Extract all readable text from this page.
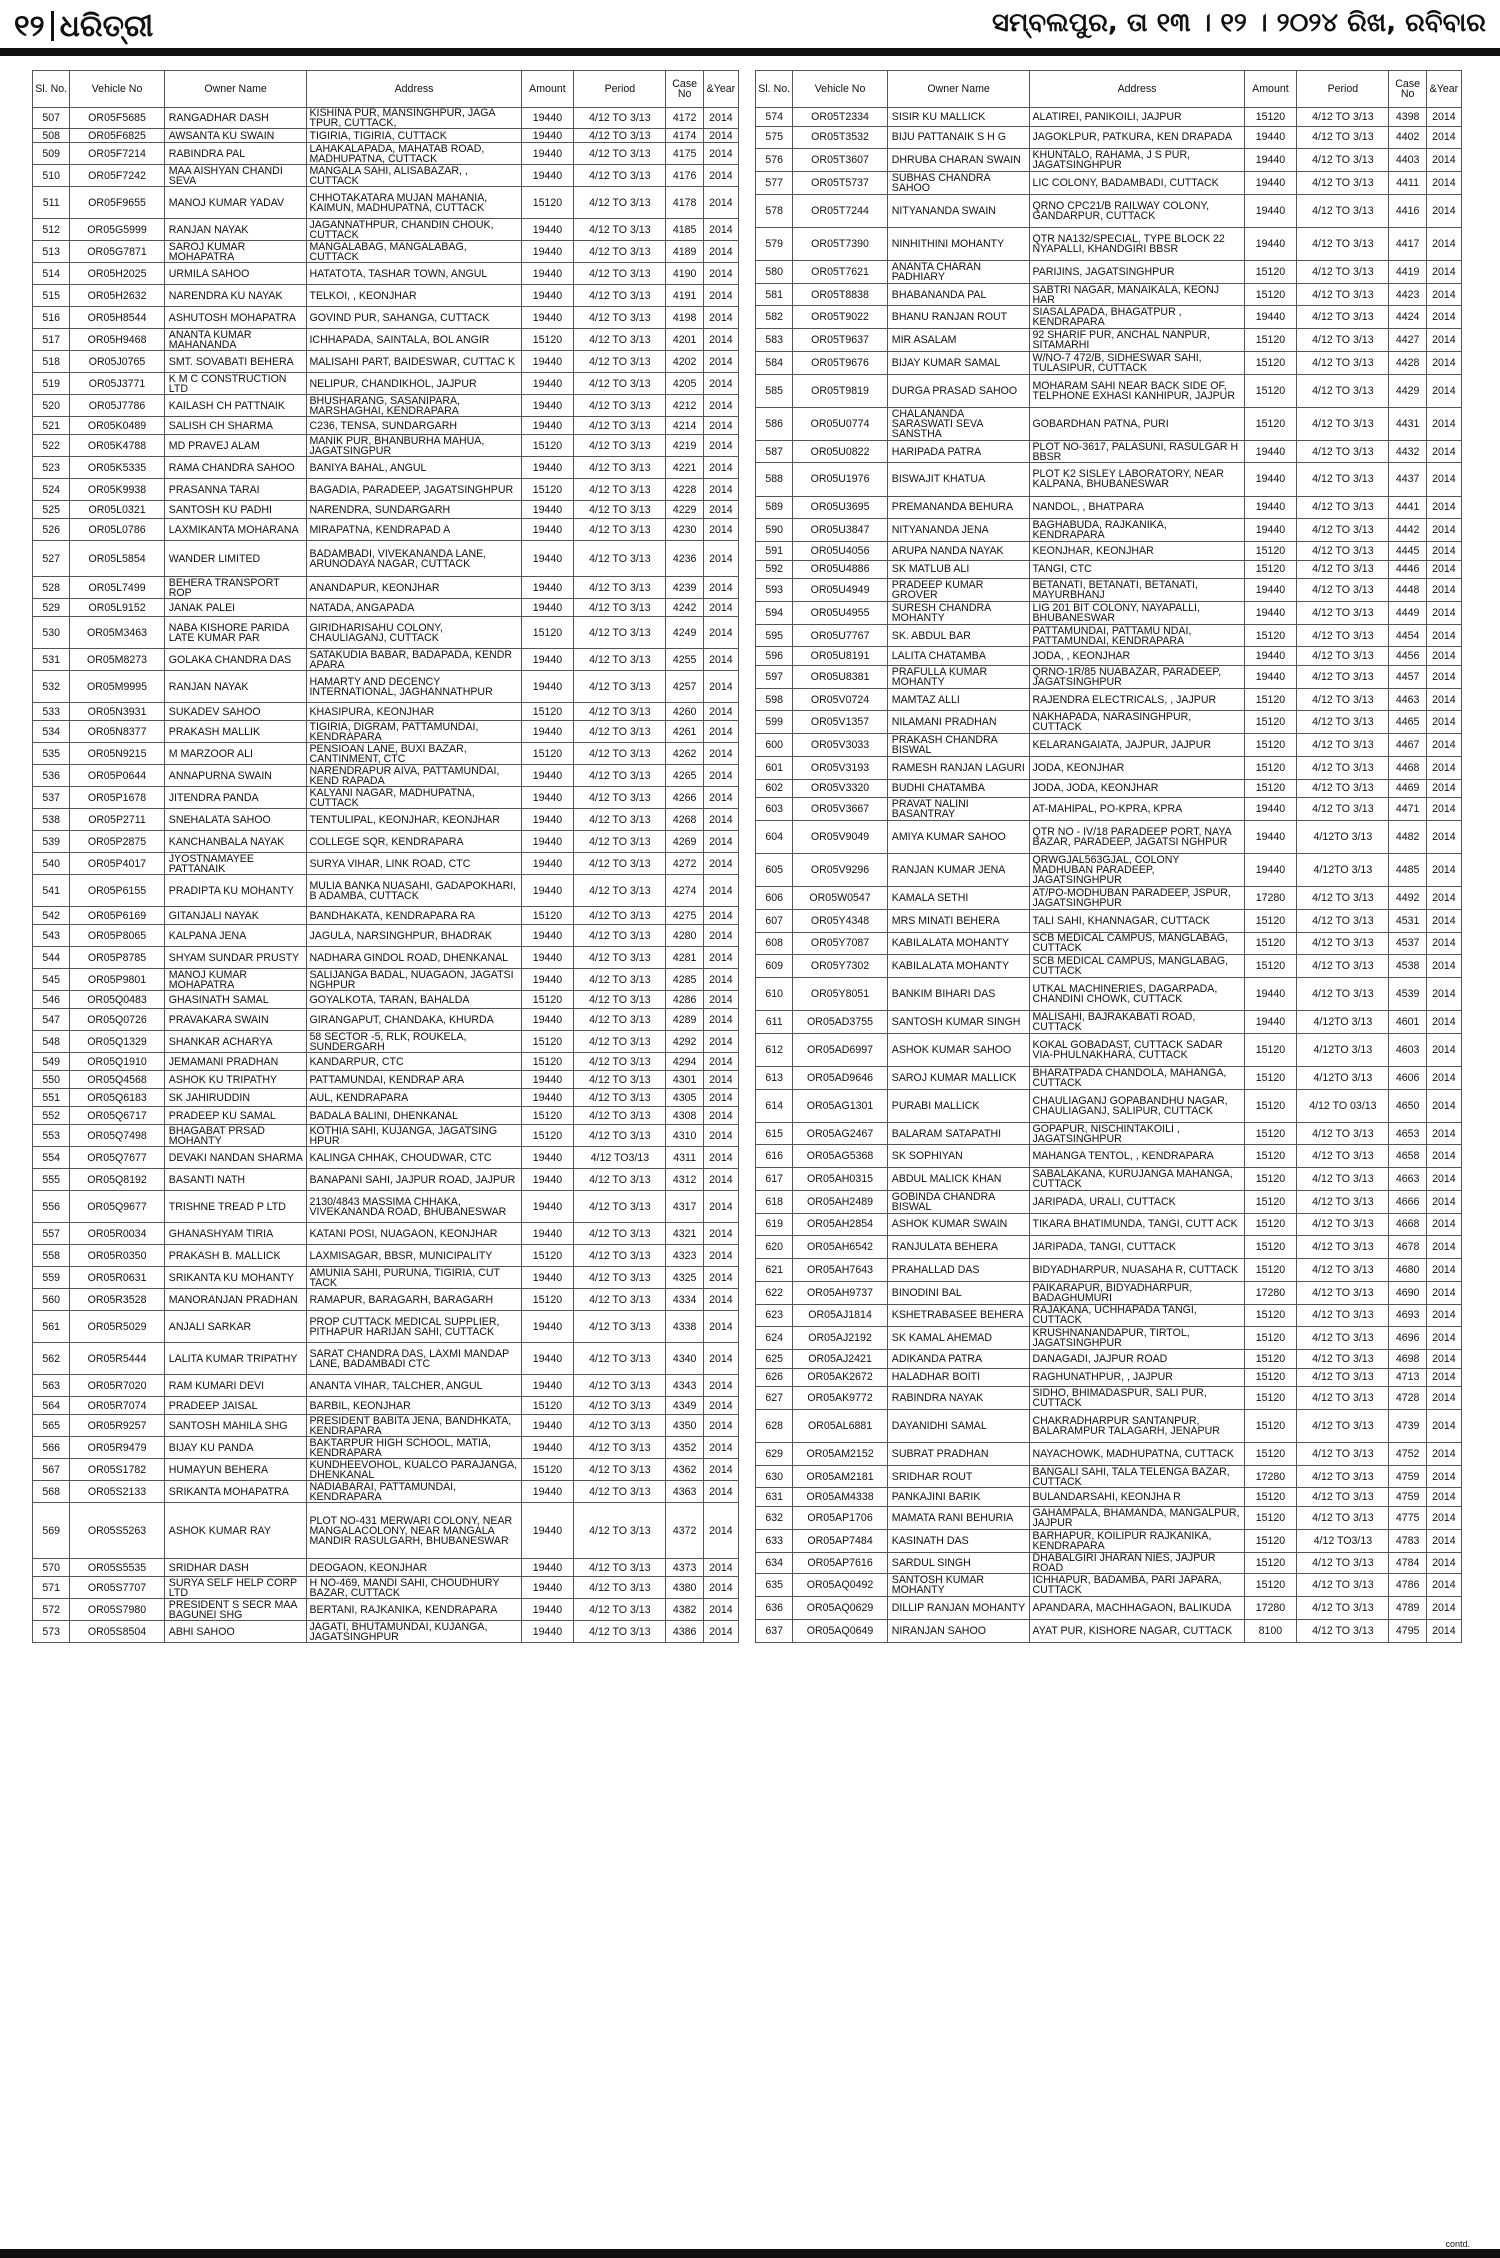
୧୨ ଧରିତ୍ରୀ	ସମ୍ବଲପୁର, ତା ୧୩ । ୧୨ । ୨୦୨୪ ରିଖ, ରବିବାର
Sl. No.	Vehicle No	Owner Name	Address	Amount	Period	Case No	&Year
507	OR05F5685	RANGADHAR DASH	KISHINA PUR, MANSINGHPUR, JAGA TPUR, CUTTACK,	19440	4/12 TO 3/13	4172	2014
508	OR05F6825	AWSANTA KU SWAIN	TIGIRIA, TIGIRIA, CUTTACK	19440	4/12 TO 3/13	4174	2014
509	OR05F7214	RABINDRA PAL	LAHAKALAPADA, MAHATAB ROAD, MADHUPATNA, CUTTACK	19440	4/12 TO 3/13	4175	2014
510	OR05F7242	MAA AISHYAN CHANDI SEVA	MANGALA SAHI, ALISABAZAR, , CUTTACK	19440	4/12 TO 3/13	4176	2014
511	OR05F9655	MANOJ KUMAR YADAV	CHHOTAKATARA MUJAN MAHANIA, KAIMUN, MADHUPATNA, CUTTACK	15120	4/12 TO 3/13	4178	2014
512	OR05G5999	RANJAN NAYAK	JAGANNATHPUR, CHANDIN CHOUK, CUTTACK	19440	4/12 TO 3/13	4185	2014
513	OR05G7871	SAROJ KUMAR MOHAPATRA	MANGALABAG, MANGALABAG, CUTTACK	19440	4/12 TO 3/13	4189	2014
514	OR05H2025	URMILA SAHOO	HATATOTA, TASHAR TOWN, ANGUL	19440	4/12 TO 3/13	4190	2014
515	OR05H2632	NARENDRA KU NAYAK	TELKOI, , KEONJHAR	19440	4/12 TO 3/13	4191	2014
516	OR05H8544	ASHUTOSH MOHAPATRA	GOVIND PUR, SAHANGA, CUTTACK	19440	4/12 TO 3/13	4198	2014
517	OR05H9468	ANANTA KUMAR MAHANANDA	ICHHAPADA, SAINTALA, BOL ANGIR	15120	4/12 TO 3/13	4201	2014
518	OR05J0765	SMT. SOVABATI BEHERA	MALISAHI PART, BAIDESWAR, CUTTAC K	19440	4/12 TO 3/13	4202	2014
519	OR05J3771	K M C CONSTRUCTION LTD	NELIPUR, CHANDIKHOL, JAJPUR	19440	4/12 TO 3/13	4205	2014
520	OR05J7786	KAILASH CH PATTNAIK	BHUSHARANG, SASANIPARA, MARSHAGHAI, KENDRAPARA	19440	4/12 TO 3/13	4212	2014
521	OR05K0489	SALISH CH SHARMA	C236, TENSA, SUNDARGARH	19440	4/12 TO 3/13	4214	2014
522	OR05K4788	MD PRAVEJ ALAM	MANIK PUR, BHANBURHA MAHUA, JAGATSINGPUR	15120	4/12 TO 3/13	4219	2014
523	OR05K5335	RAMA CHANDRA SAHOO	BANIYA BAHAL, ANGUL	19440	4/12 TO 3/13	4221	2014
524	OR05K9938	PRASANNA TARAI	BAGADIA, PARADEEP, JAGATSINGHPUR	15120	4/12 TO 3/13	4228	2014
525	OR05L0321	SANTOSH KU PADHI	NARENDRA, SUNDARGARH	19440	4/12 TO 3/13	4229	2014
526	OR05L0786	LAXMIKANTA MOHARANA	MIRAPATNA, KENDRAPAD A	19440	4/12 TO 3/13	4230	2014
527	OR05L5854	WANDER LIMITED	BADAMBADI, VIVEKANANDA LANE, ARUNODAYA NAGAR, CUTTACK	19440	4/12 TO 3/13	4236	2014
528	OR05L7499	BEHERA TRANSPORT ROP	ANANDAPUR, KEONJHAR	19440	4/12 TO 3/13	4239	2014
529	OR05L9152	JANAK PALEI	NATADA, ANGAPADA	19440	4/12 TO 3/13	4242	2014
530	OR05M3463	NABA KISHORE PARIDA LATE KUMAR PAR	GIRIDHARISAHU COLONY, CHAULIAGANJ, CUTTACK	15120	4/12 TO 3/13	4249	2014
531	OR05M8273	GOLAKA CHANDRA DAS	SATAKUDIA BABAR, BADAPADA, KENDR APARA	19440	4/12 TO 3/13	4255	2014
532	OR05M9995	RANJAN NAYAK	HAMARTY AND DECENCY INTERNATIONAL, JAGHANNATHPUR	19440	4/12 TO 3/13	4257	2014
533	OR05N3931	SUKADEV SAHOO	KHASIPURA, KEONJHAR	15120	4/12 TO 3/13	4260	2014
534	OR05N8377	PRAKASH MALLIK	TIGIRIA, DIGRAM, PATTAMUNDAI, KENDRAPARA	19440	4/12 TO 3/13	4261	2014
535	OR05N9215	M MARZOOR ALI	PENSIOAN LANE, BUXI BAZAR, CANTINMENT, CTC	15120	4/12 TO 3/13	4262	2014
536	OR05P0644	ANNAPURNA SWAIN	NARENDRAPUR AIVA, PATTAMUNDAI, KEND RAPADA	19440	4/12 TO 3/13	4265	2014
537	OR05P1678	JITENDRA PANDA	KALYANI NAGAR, MADHUPATNA, CUTTACK	19440	4/12 TO 3/13	4266	2014
538	OR05P2711	SNEHALATA SAHOO	TENTULIPAL, KEONJHAR, KEONJHAR	19440	4/12 TO 3/13	4268	2014
539	OR05P2875	KANCHANBALA NAYAK	COLLEGE SQR, KENDRAPARA	19440	4/12 TO 3/13	4269	2014
540	OR05P4017	JYOSTNAMAYEE PATTANAIK	SURYA VIHAR, LINK ROAD, CTC	19440	4/12 TO 3/13	4272	2014
541	OR05P6155	PRADIPTA KU MOHANTY	MULIA BANKA NUASAHI, GADAPOKHARI, B ADAMBA, CUTTACK	19440	4/12 TO 3/13	4274	2014
542	OR05P6169	GITANJALI NAYAK	BANDHAKATA, KENDRAPARA RA	15120	4/12 TO 3/13	4275	2014
543	OR05P8065	KALPANA JENA	JAGULA, NARSINGHPUR, BHADRAK	19440	4/12 TO 3/13	4280	2014
544	OR05P8785	SHYAM SUNDAR PRUSTY	NADHARA GINDOL ROAD, DHENKANAL	19440	4/12 TO 3/13	4281	2014
545	OR05P9801	MANOJ KUMAR MOHAPATRA	SALIJANGA BADAL, NUAGAON, JAGATSI NGHPUR	19440	4/12 TO 3/13	4285	2014
546	OR05Q0483	GHASINATH SAMAL	GOYALKOTA, TARAN, BAHALDA	15120	4/12 TO 3/13	4286	2014
547	OR05Q0726	PRAVAKARA SWAIN	GIRANGAPUT, CHANDAKA, KHURDA	19440	4/12 TO 3/13	4289	2014
548	OR05Q1329	SHANKAR ACHARYA	58 SECTOR -5, RLK, ROUKELA, SUNDERGARH	15120	4/12 TO 3/13	4292	2014
549	OR05Q1910	JEMAMANI PRADHAN	KANDARPUR, CTC	15120	4/12 TO 3/13	4294	2014
550	OR05Q4568	ASHOK KU TRIPATHY	PATTAMUNDAI, KENDRAP ARA	19440	4/12 TO 3/13	4301	2014
551	OR05Q6183	SK JAHIRUDDIN	AUL, KENDRAPARA	19440	4/12 TO 3/13	4305	2014
552	OR05Q6717	PRADEEP KU SAMAL	BADALA BALINI, DHENKANAL	15120	4/12 TO 3/13	4308	2014
553	OR05Q7498	BHAGABAT PRSAD MOHANTY	KOTHIA SAHI, KUJANGA, JAGATSING HPUR	15120	4/12 TO 3/13	4310	2014
554	OR05Q7677	DEVAKI NANDAN SHARMA	KALINGA CHHAK, CHOUDWAR, CTC	19440	4/12 TO3/13	4311	2014
555	OR05Q8192	BASANTI NATH	BANAPANI SAHI, JAJPUR ROAD, JAJPUR	19440	4/12 TO 3/13	4312	2014
556	OR05Q9677	TRISHNE TREAD P LTD	2130/4843 MASSIMA CHHAKA, VIVEKANANDA ROAD, BHUBANESWAR	19440	4/12 TO 3/13	4317	2014
557	OR05R0034	GHANASHYAM TIRIA	KATANI POSI, NUAGAON, KEONJHAR	19440	4/12 TO 3/13	4321	2014
558	OR05R0350	PRAKASH B. MALLICK	LAXMISAGAR, BBSR, MUNICIPALITY	15120	4/12 TO 3/13	4323	2014
559	OR05R0631	SRIKANTA KU MOHANTY	AMUNIA SAHI, PURUNA, TIGIRIA, CUT TACK	19440	4/12 TO 3/13	4325	2014
560	OR05R3528	MANORANJAN PRADHAN	RAMAPUR, BARAGARH, BARAGARH	15120	4/12 TO 3/13	4334	2014
561	OR05R5029	ANJALI SARKAR	PROP CUTTACK MEDICAL SUPPLIER, PITHAPUR HARIJAN SAHI, CUTTACK	19440	4/12 TO 3/13	4338	2014
562	OR05R5444	LALITA KUMAR TRIPATHY	SARAT CHANDRA DAS, LAXMI MANDAP LANE, BADAMBADI CTC	19440	4/12 TO 3/13	4340	2014
563	OR05R7020	RAM KUMARI DEVI	ANANTA VIHAR, TALCHER, ANGUL	19440	4/12 TO 3/13	4343	2014
564	OR05R7074	PRADEEP JAISAL	BARBIL, KEONJHAR	15120	4/12 TO 3/13	4349	2014
565	OR05R9257	SANTOSH MAHILA SHG	PRESIDENT BABITA JENA, BANDHKATA, KENDRAPARA	19440	4/12 TO 3/13	4350	2014
566	OR05R9479	BIJAY KU PANDA	BAKTARPUR HIGH SCHOOL, MATIA, KENDRAPARA	19440	4/12 TO 3/13	4352	2014
567	OR05S1782	HUMAYUN BEHERA	KUNDHEEVOHOL, KUALCO PARAJANGA, DHENKANAL	15120	4/12 TO 3/13	4362	2014
568	OR05S2133	SRIKANTA MOHAPATRA	NADIABARAI, PATTAMUNDAI, KENDRAPARA	19440	4/12 TO 3/13	4363	2014
569	OR05S5263	ASHOK KUMAR RAY	PLOT NO-431 MERWARI COLONY, NEAR MANGALACOLONY, NEAR MANGALA MANDIR RASULGARH, BHUBANESWAR	19440	4/12 TO 3/13	4372	2014
570	OR05S5535	SRIDHAR DASH	DEOGAON, KEONJHAR	19440	4/12 TO 3/13	4373	2014
571	OR05S7707	SURYA SELF HELP CORP LTD	H NO-469, MANDI SAHI, CHOUDHURY BAZAR, CUTTACK	19440	4/12 TO 3/13	4380	2014
572	OR05S7980	PRESIDENT S SECR MAA BAGUNEI SHG	BERTANI, RAJKANIKA, KENDRAPARA	19440	4/12 TO 3/13	4382	2014
573	OR05S8504	ABHI SAHOO	JAGATI, BHUTAMUNDAI, KUJANGA, JAGATSINGHPUR	19440	4/12 TO 3/13	4386	2014
Sl. No.	Vehicle No	Owner Name	Address	Amount	Period	Case No	&Year
574	OR05T2334	SISIR KU MALLICK	ALATIREI, PANIKOILI, JAJPUR	15120	4/12 TO 3/13	4398	2014
575	OR05T3532	BIJU PATTANAIK S H G	JAGOKLPUR, PATKURA, KEN DRAPADA	19440	4/12 TO 3/13	4402	2014
576	OR05T3607	DHRUBA CHARAN SWAIN	KHUNTALO, RAHAMA, J S PUR, JAGATSINGHPUR	19440	4/12 TO 3/13	4403	2014
577	OR05T5737	SUBHAS CHANDRA SAHOO	LIC COLONY, BADAMBADI, CUTTACK	19440	4/12 TO 3/13	4411	2014
578	OR05T7244	NITYANANDA SWAIN	QRNO CPC21/B RAILWAY COLONY, GANDARPUR, CUTTACK	19440	4/12 TO 3/13	4416	2014
579	OR05T7390	NINHITHINI MOHANTY	QTR NA132/SPECIAL, TYPE BLOCK 22 NYAPALLI, KHANDGIRI BBSR	19440	4/12 TO 3/13	4417	2014
580	OR05T7621	ANANTA CHARAN PADHIARY	PARIJINS, JAGATSINGHPUR	15120	4/12 TO 3/13	4419	2014
581	OR05T8838	BHABANANDA PAL	SABTRI NAGAR, MANAIKALA, KEONJ HAR	15120	4/12 TO 3/13	4423	2014
582	OR05T9022	BHANU RANJAN ROUT	SIASALAPADA, BHAGATPUR , KENDRAPARA	19440	4/12 TO 3/13	4424	2014
583	OR05T9637	MIR ASALAM	92 SHARIF PUR, ANCHAL NANPUR, SITAMARHI	15120	4/12 TO 3/13	4427	2014
584	OR05T9676	BIJAY KUMAR SAMAL	W/NO-7 472/B, SIDHESWAR SAHI, TULASIPUR, CUTTACK	15120	4/12 TO 3/13	4428	2014
585	OR05T9819	DURGA PRASAD SAHOO	MOHARAM SAHI NEAR BACK SIDE OF, TELPHONE EXHASI KANHIPUR, JAJPUR	15120	4/12 TO 3/13	4429	2014
586	OR05U0774	CHALANANDA SARASWATI SEVA SANSTHA	GOBARDHAN PATNA, PURI	15120	4/12 TO 3/13	4431	2014
587	OR05U0822	HARIPADA PATRA	PLOT NO-3617, PALASUNI, RASULGAR H BBSR	19440	4/12 TO 3/13	4432	2014
588	OR05U1976	BISWAJIT KHATUA	PLOT K2 SISLEY LABORATORY, NEAR KALPANA, BHUBANESWAR	19440	4/12 TO 3/13	4437	2014
589	OR05U3695	PREMANANDA BEHURA	NANDOL, , BHATPARA	19440	4/12 TO 3/13	4441	2014
590	OR05U3847	NITYANANDA JENA	BAGHABUDA, RAJKANIKA, KENDRAPARA	19440	4/12 TO 3/13	4442	2014
591	OR05U4056	ARUPA NANDA NAYAK	KEONJHAR, KEONJHAR	15120	4/12 TO 3/13	4445	2014
592	OR05U4886	SK MATLUB ALI	TANGI, CTC	15120	4/12 TO 3/13	4446	2014
593	OR05U4949	PRADEEP KUMAR GROVER	BETANATI, BETANATI, BETANATI, MAYURBHANJ	19440	4/12 TO 3/13	4448	2014
594	OR05U4955	SURESH CHANDRA MOHANTY	LIG 201 BIT COLONY, NAYAPALLI, BHUBANESWAR	19440	4/12 TO 3/13	4449	2014
595	OR05U7767	SK. ABDUL BAR	PATTAMUNDAI, PATTAMU NDAI, PATTAMUNDAI, KENDRAPARA	15120	4/12 TO 3/13	4454	2014
596	OR05U8191	LALITA CHATAMBA	JODA, , KEONJHAR	19440	4/12 TO 3/13	4456	2014
597	OR05U8381	PRAFULLA KUMAR MOHANTY	QRNO-1R/85 NUABAZAR, PARADEEP, JAGATSINGHPUR	19440	4/12 TO 3/13	4457	2014
598	OR05V0724	MAMTAZ ALLI	RAJENDRA ELECTRICALS, , JAJPUR	15120	4/12 TO 3/13	4463	2014
599	OR05V1357	NILAMANI PRADHAN	NAKHAPADA, NARASINGHPUR, CUTTACK	15120	4/12 TO 3/13	4465	2014
600	OR05V3033	PRAKASH CHANDRA BISWAL	KELARANGAIATA, JAJPUR, JAJPUR	15120	4/12 TO 3/13	4467	2014
601	OR05V3193	RAMESH RANJAN LAGURI	JODA, KEONJHAR	15120	4/12 TO 3/13	4468	2014
602	OR05V3320	BUDHI CHATAMBA	JODA, JODA, KEONJHAR	15120	4/12 TO 3/13	4469	2014
603	OR05V3667	PRAVAT NALINI BASANTRAY	AT-MAHIPAL, PO-KPRA, KPRA	19440	4/12 TO 3/13	4471	2014
604	OR05V9049	AMIYA KUMAR SAHOO	QTR NO - IV/18 PARADEEP PORT, NAYA BAZAR, PARADEEP, JAGATSI NGHPUR	19440	4/12TO 3/13	4482	2014
605	OR05V9296	RANJAN KUMAR JENA	QRWGJAL563GJAL, COLONY MADHUBAN PARADEEP, JAGATSINGHPUR	19440	4/12TO 3/13	4485	2014
606	OR05W0547	KAMALA SETHI	AT/PO-MODHUBAN PARADEEP, JSPUR, JAGATSINGHPUR	17280	4/12 TO 3/13	4492	2014
607	OR05Y4348	MRS MINATI BEHERA	TALI SAHI, KHANNAGAR, CUTTACK	15120	4/12 TO 3/13	4531	2014
608	OR05Y7087	KABILALATA MOHANTY	SCB MEDICAL CAMPUS, MANGLABAG, CUTTACK	15120	4/12 TO 3/13	4537	2014
609	OR05Y7302	KABILALATA MOHANTY	SCB MEDICAL CAMPUS, MANGLABAG, CUTTACK	15120	4/12 TO 3/13	4538	2014
610	OR05Y8051	BANKIM BIHARI DAS	UTKAL MACHINERIES, DAGARPADA, CHANDINI CHOWK, CUTTACK	19440	4/12 TO 3/13	4539	2014
611	OR05AD3755	SANTOSH KUMAR SINGH	MALISAHI, BAJRAKABATI ROAD, CUTTACK	19440	4/12TO 3/13	4601	2014
612	OR05AD6997	ASHOK KUMAR SAHOO	KOKAL GOBADAST, CUTTACK SADAR VIA-PHULNAKHARA, CUTTACK	15120	4/12TO 3/13	4603	2014
613	OR05AD9646	SAROJ KUMAR MALLICK	BHARATPADA CHANDOLA, MAHANGA, CUTTACK	15120	4/12TO 3/13	4606	2014
614	OR05AG1301	PURABI MALLICK	CHAULIAGANJ GOPABANDHU NAGAR, CHAULIAGANJ, SALIPUR, CUTTACK	15120	4/12 TO 03/13	4650	2014
615	OR05AG2467	BALARAM SATAPATHI	GOPAPUR, NISCHINTAKOILI , JAGATSINGHPUR	15120	4/12 TO 3/13	4653	2014
616	OR05AG5368	SK SOPHIYAN	MAHANGA TENTOL, , KENDRAPARA	15120	4/12 TO 3/13	4658	2014
617	OR05AH0315	ABDUL MALICK KHAN	SABALAKANA, KURUJANGA MAHANGA, CUTTACK	15120	4/12 TO 3/13	4663	2014
618	OR05AH2489	GOBINDA CHANDRA BISWAL	JARIPADA, URALI, CUTTACK	15120	4/12 TO 3/13	4666	2014
619	OR05AH2854	ASHOK KUMAR SWAIN	TIKARA BHATIMUNDA, TANGI, CUTT ACK	15120	4/12 TO 3/13	4668	2014
620	OR05AH6542	RANJULATA BEHERA	JARIPADA, TANGI, CUTTACK	15120	4/12 TO 3/13	4678	2014
621	OR05AH7643	PRAHALLAD DAS	BIDYADHARPUR, NUASAHA R, CUTTACK	15120	4/12 TO 3/13	4680	2014
622	OR05AH9737	BINODINI BAL	PAIKARAPUR, BIDYADHARPUR, BADAGHUMURI	17280	4/12 TO 3/13	4690	2014
623	OR05AJ1814	KSHETRABASEE BEHERA	RAJAKANA, UCHHAPADA TANGI, CUTTACK	15120	4/12 TO 3/13	4693	2014
624	OR05AJ2192	SK KAMAL AHEMAD	KRUSHNANANDAPUR, TIRTOL, JAGATSINGHPUR	15120	4/12 TO 3/13	4696	2014
625	OR05AJ2421	ADIKANDA PATRA	DANAGADI, JAJPUR ROAD	15120	4/12 TO 3/13	4698	2014
626	OR05AK2672	HALADHAR BOITI	RAGHUNATHPUR, , JAJPUR	15120	4/12 TO 3/13	4713	2014
627	OR05AK9772	RABINDRA NAYAK	SIDHO, BHIMADASPUR, SALI PUR, CUTTACK	15120	4/12 TO 3/13	4728	2014
628	OR05AL6881	DAYANIDHI SAMAL	CHAKRADHARPUR SANTANPUR, BALARAMPUR TALAGARH, JENAPUR	15120	4/12 TO 3/13	4739	2014
629	OR05AM2152	SUBRAT PRADHAN	NAYACHOWK, MADHUPATNA, CUTTACK	15120	4/12 TO 3/13	4752	2014
630	OR05AM2181	SRIDHAR ROUT	BANGALI SAHI, TALA TELENGA BAZAR, CUTTACK	17280	4/12 TO 3/13	4759	2014
631	OR05AM4338	PANKAJINI BARIK	BULANDARSAHI, KEONJHA R	15120	4/12 TO 3/13	4759	2014
632	OR05AP1706	MAMATA RANI BEHURIA	GAHAMPALA, BHAMANDA, MANGALPUR, JAJPUR	15120	4/12 TO 3/13	4775	2014
633	OR05AP7484	KASINATH DAS	BARHAPUR, KOILIPUR RAJKANIKA, KENDRAPARA	15120	4/12 TO3/13	4783	2014
634	OR05AP7616	SARDUL SINGH	DHABALGIRI JHARAN NIES, JAJPUR ROAD	15120	4/12 TO 3/13	4784	2014
635	OR05AQ0492	SANTOSH KUMAR MOHANTY	ICHHAPUR, BADAMBA, PARI JAPARA, CUTTACK	15120	4/12 TO 3/13	4786	2014
636	OR05AQ0629	DILLIP RANJAN MOHANTY	APANDARA, MACHHAGAON, BALIKUDA	17280	4/12 TO 3/13	4789	2014
637	OR05AQ0649	NIRANJAN SAHOO	AYAT PUR, KISHORE NAGAR, CUTTACK	8100	4/12 TO 3/13	4795	2014
contd.
